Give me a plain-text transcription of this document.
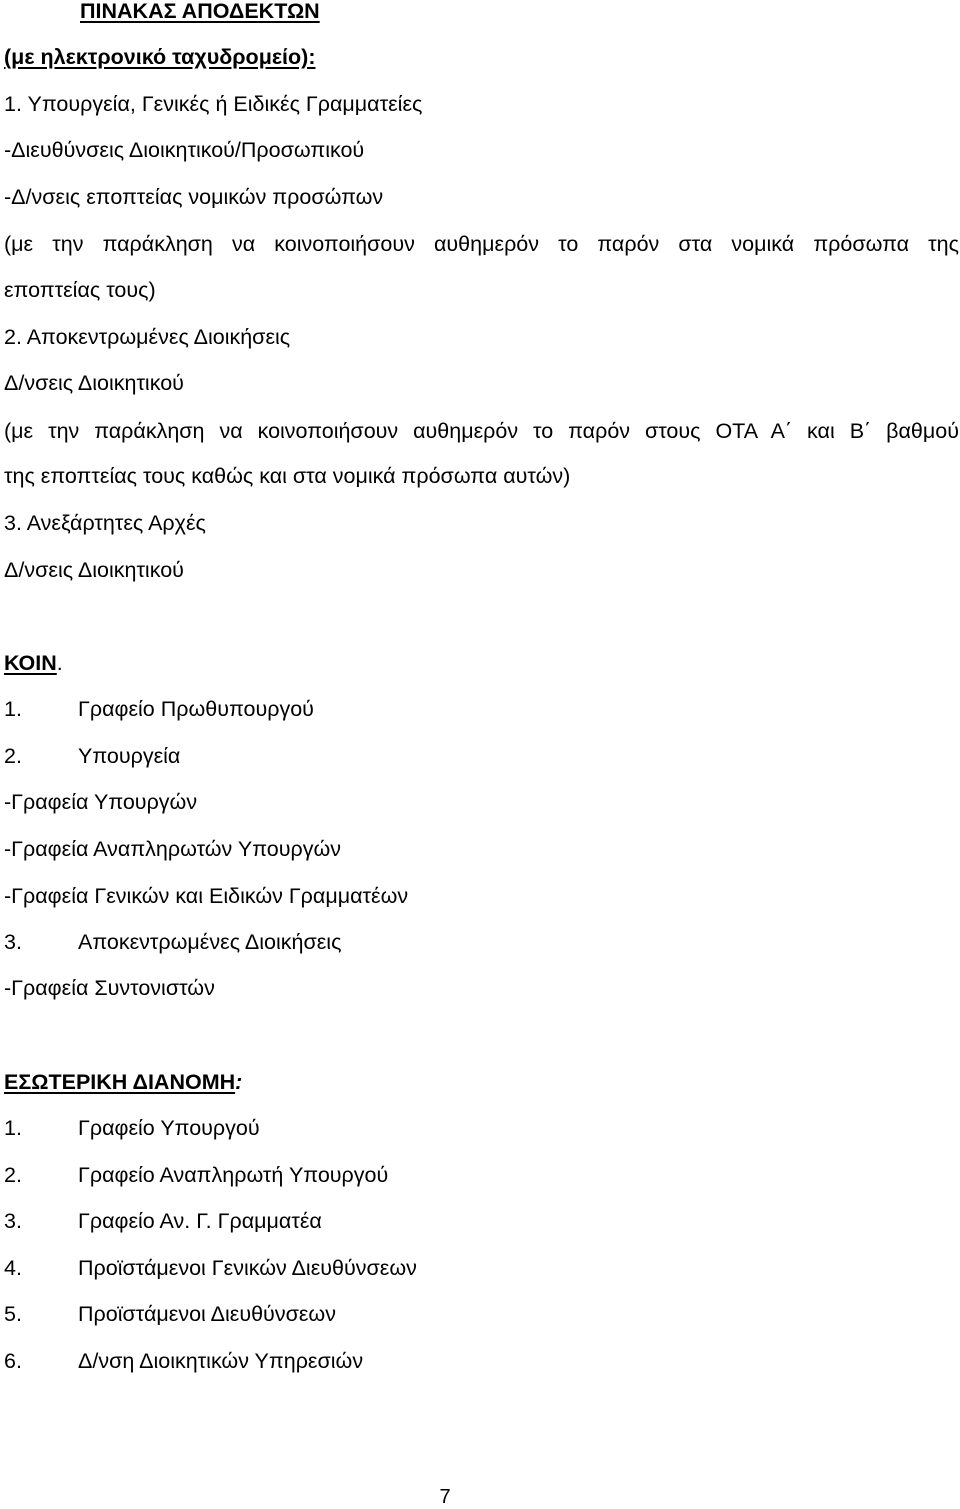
ΠΙΝΑΚΑΣ ΑΠΟΔΕΚΤΩΝ
(με ηλεκτρονικό ταχυδρομείο):
1. Υπουργεία, Γενικές ή Ειδικές Γραμματείες
-Διευθύνσεις Διοικητικού/Προσωπικού
-Δ/νσεις εποπτείας νομικών προσώπων
(με την παράκληση να κοινοποιήσουν αυθημερόν το παρόν στα νομικά πρόσωπα της
εποπτείας τους)
2. Αποκεντρωμένες Διοικήσεις
Δ/νσεις Διοικητικού
(με την παράκληση να κοινοποιήσουν αυθημερόν το παρόν στους ΟΤΑ Α΄ και Β΄ βαθμού
της εποπτείας τους καθώς και στα νομικά πρόσωπα αυτών)
3. Ανεξάρτητες Αρχές
Δ/νσεις Διοικητικού
ΚΟΙΝ.
1.	Γραφείο Πρωθυπουργού
2.	Υπουργεία
-Γραφεία Υπουργών
-Γραφεία Αναπληρωτών Υπουργών
-Γραφεία Γενικών και Ειδικών Γραμματέων
3.	Αποκεντρωμένες Διοικήσεις
-Γραφεία Συντονιστών
ΕΣΩΤΕΡΙΚΗ ΔΙΑΝΟΜΗ:
1.	Γραφείο Υπουργού
2.	Γραφείο Αναπληρωτή Υπουργού
3.	Γραφείο Αν. Γ. Γραμματέα
4.	Προϊστάμενοι Γενικών Διευθύνσεων
5.	Προϊστάμενοι Διευθύνσεων
6.	Δ/νση Διοικητικών Υπηρεσιών
7
